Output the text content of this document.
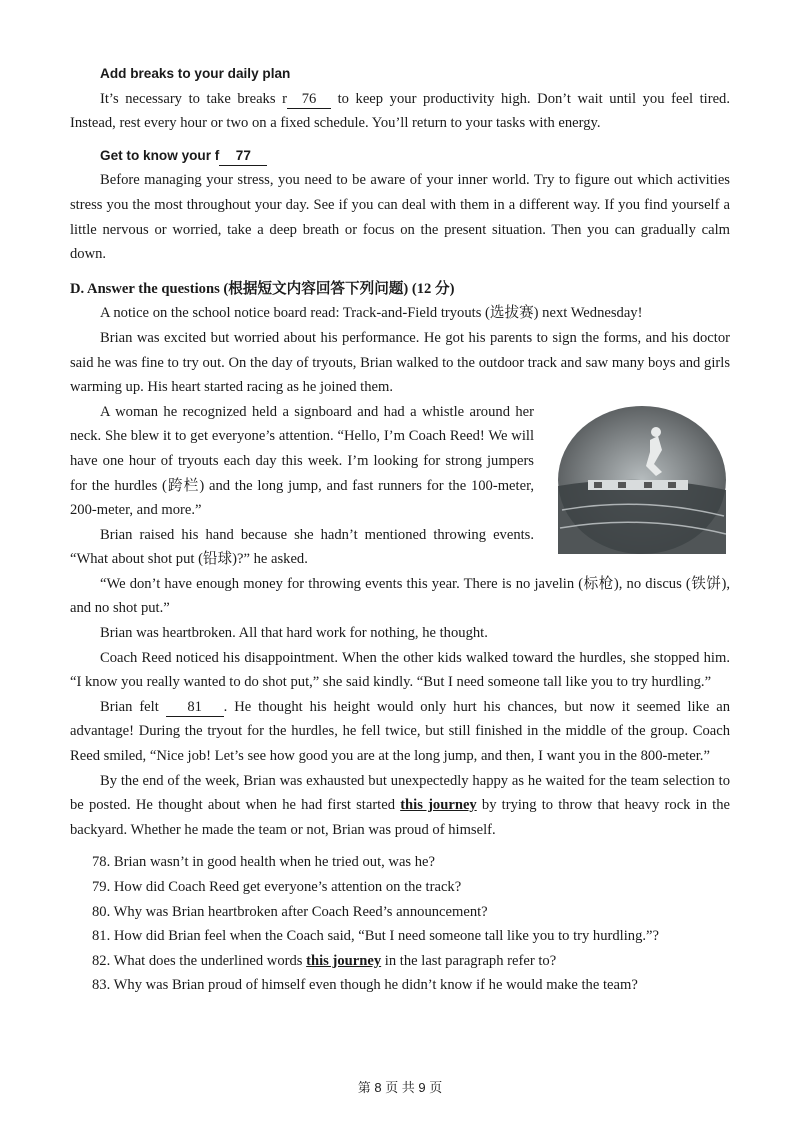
Add breaks to your daily plan
It’s necessary to take breaks r 76 to keep your productivity high. Don’t wait until you feel tired. Instead, rest every hour or two on a fixed schedule. You’ll return to your tasks with energy.
Get to know your f 77
Before managing your stress, you need to be aware of your inner world. Try to figure out which activities stress you the most throughout your day. See if you can deal with them in a different way. If you find yourself a little nervous or worried, take a deep breath or focus on the present situation. Then you can gradually calm down.
D. Answer the questions (根据短文内容回答下列问题) (12 分)
A notice on the school notice board read: Track-and-Field tryouts (选拔赛) next Wednesday!
Brian was excited but worried about his performance. He got his parents to sign the forms, and his doctor said he was fine to try out. On the day of tryouts, Brian walked to the outdoor track and saw many boys and girls warming up. His heart started racing as he joined them.
A woman he recognized held a signboard and had a whistle around her neck. She blew it to get everyone’s attention. “Hello, I’m Coach Reed! We will have one hour of tryouts each day this week. I’m looking for strong jumpers for the hurdles (跨栏) and the long jump, and fast runners for the 100-meter, 200-meter, and more.”
Brian raised his hand because she hadn’t mentioned throwing events. “What about shot put (铅球)?” he asked.
“We don’t have enough money for throwing events this year. There is no javelin (标枪), no discus (铁饼), and no shot put.”
Brian was heartbroken. All that hard work for nothing, he thought.
Coach Reed noticed his disappointment. When the other kids walked toward the hurdles, she stopped him. “I know you really wanted to do shot put,” she said kindly. “But I need someone tall like you to try hurdling.”
Brian felt 81 . He thought his height would only hurt his chances, but now it seemed like an advantage! During the tryout for the hurdles, he fell twice, but still finished in the middle of the group. Coach Reed smiled, “Nice job! Let’s see how good you are at the long jump, and then, I want you in the 800-meter.”
By the end of the week, Brian was exhausted but unexpectedly happy as he waited for the team selection to be posted. He thought about when he had first started this journey by trying to throw that heavy rock in the backyard. Whether he made the team or not, Brian was proud of himself.
78. Brian wasn’t in good health when he tried out, was he?
79. How did Coach Reed get everyone’s attention on the track?
80. Why was Brian heartbroken after Coach Reed’s announcement?
81. How did Brian feel when the Coach said, “But I need someone tall like you to try hurdling.”?
82. What does the underlined words this journey in the last paragraph refer to?
83. Why was Brian proud of himself even though he didn’t know if he would make the team?
第 8 页 共 9 页
